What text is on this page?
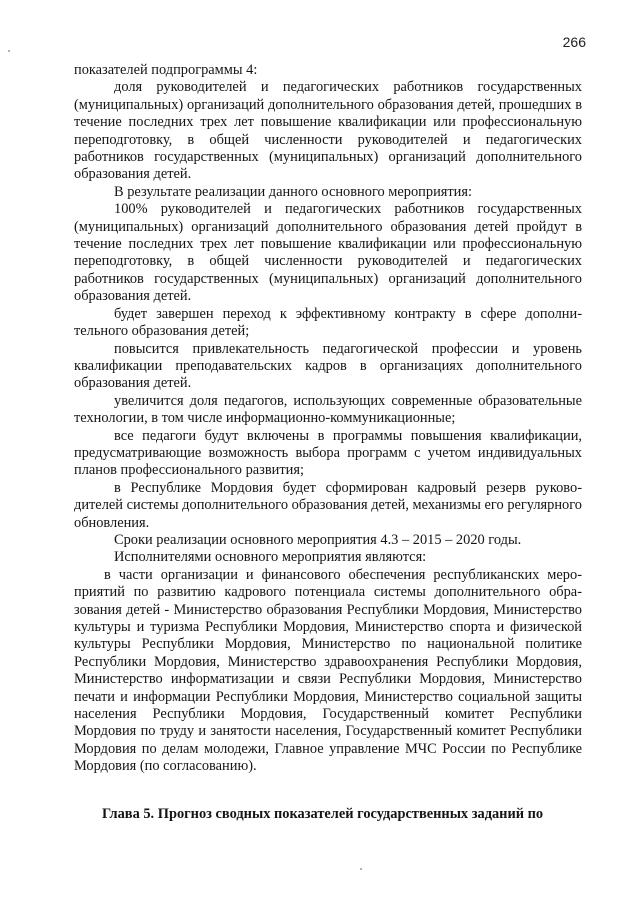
266

показателей подпрограммы 4:

доля руководителей и педагогических работников государственных (муниципальных) организаций дополнительного образования детей, прошедших в течение последних трех лет повышение квалификации или профессиональную переподготовку, в общей численности руководителей и педагогических работников государственных (муниципальных) организаций дополнительного образования детей.

В результате реализации данного основного мероприятия:

100% руководителей и педагогических работников государственных (муниципальных) организаций дополнительного образования детей пройдут в течение последних трех лет повышение квалификации или профессиональную переподготовку, в общей численности руководителей и педагогических работников государственных (муниципальных) организаций дополнительного образования детей.

будет завершен переход к эффективному контракту в сфере дополнительного образования детей;

повысится привлекательность педагогической профессии и уровень квалификации преподавательских кадров в организациях дополнительного образования детей.

увеличится доля педагогов, использующих современные образовательные технологии, в том числе информационно-коммуникационные;

все педагоги будут включены в программы повышения квалификации, предусматривающие возможность выбора программ с учетом индивидуальных планов профессионального развития;

в Республике Мордовия будет сформирован кадровый резерв руководителей системы дополнительного образования детей, механизмы его регулярного обновления.

Сроки реализации основного мероприятия 4.3 – 2015 – 2020 годы.

Исполнителями основного мероприятия являются:

в части организации и финансового обеспечения республиканских мероприятий по развитию кадрового потенциала системы дополнительного образования детей - Министерство образования Республики Мордовия, Министерство культуры и туризма Республики Мордовия, Министерство спорта и физической культуры Республики Мордовия, Министерство по национальной политике Республики Мордовия, Министерство здравоохранения Республики Мордовия, Министерство информатизации и связи Республики Мордовия, Министерство печати и информации Республики Мордовия, Министерство социальной защиты населения Республики Мордовия, Государственный комитет Республики Мордовия по труду и занятости населения, Государственный комитет Республики Мордовия по делам молодежи, Главное управление МЧС России по Республике Мордовия (по согласованию).

Глава 5. Прогноз сводных показателей государственных заданий по
